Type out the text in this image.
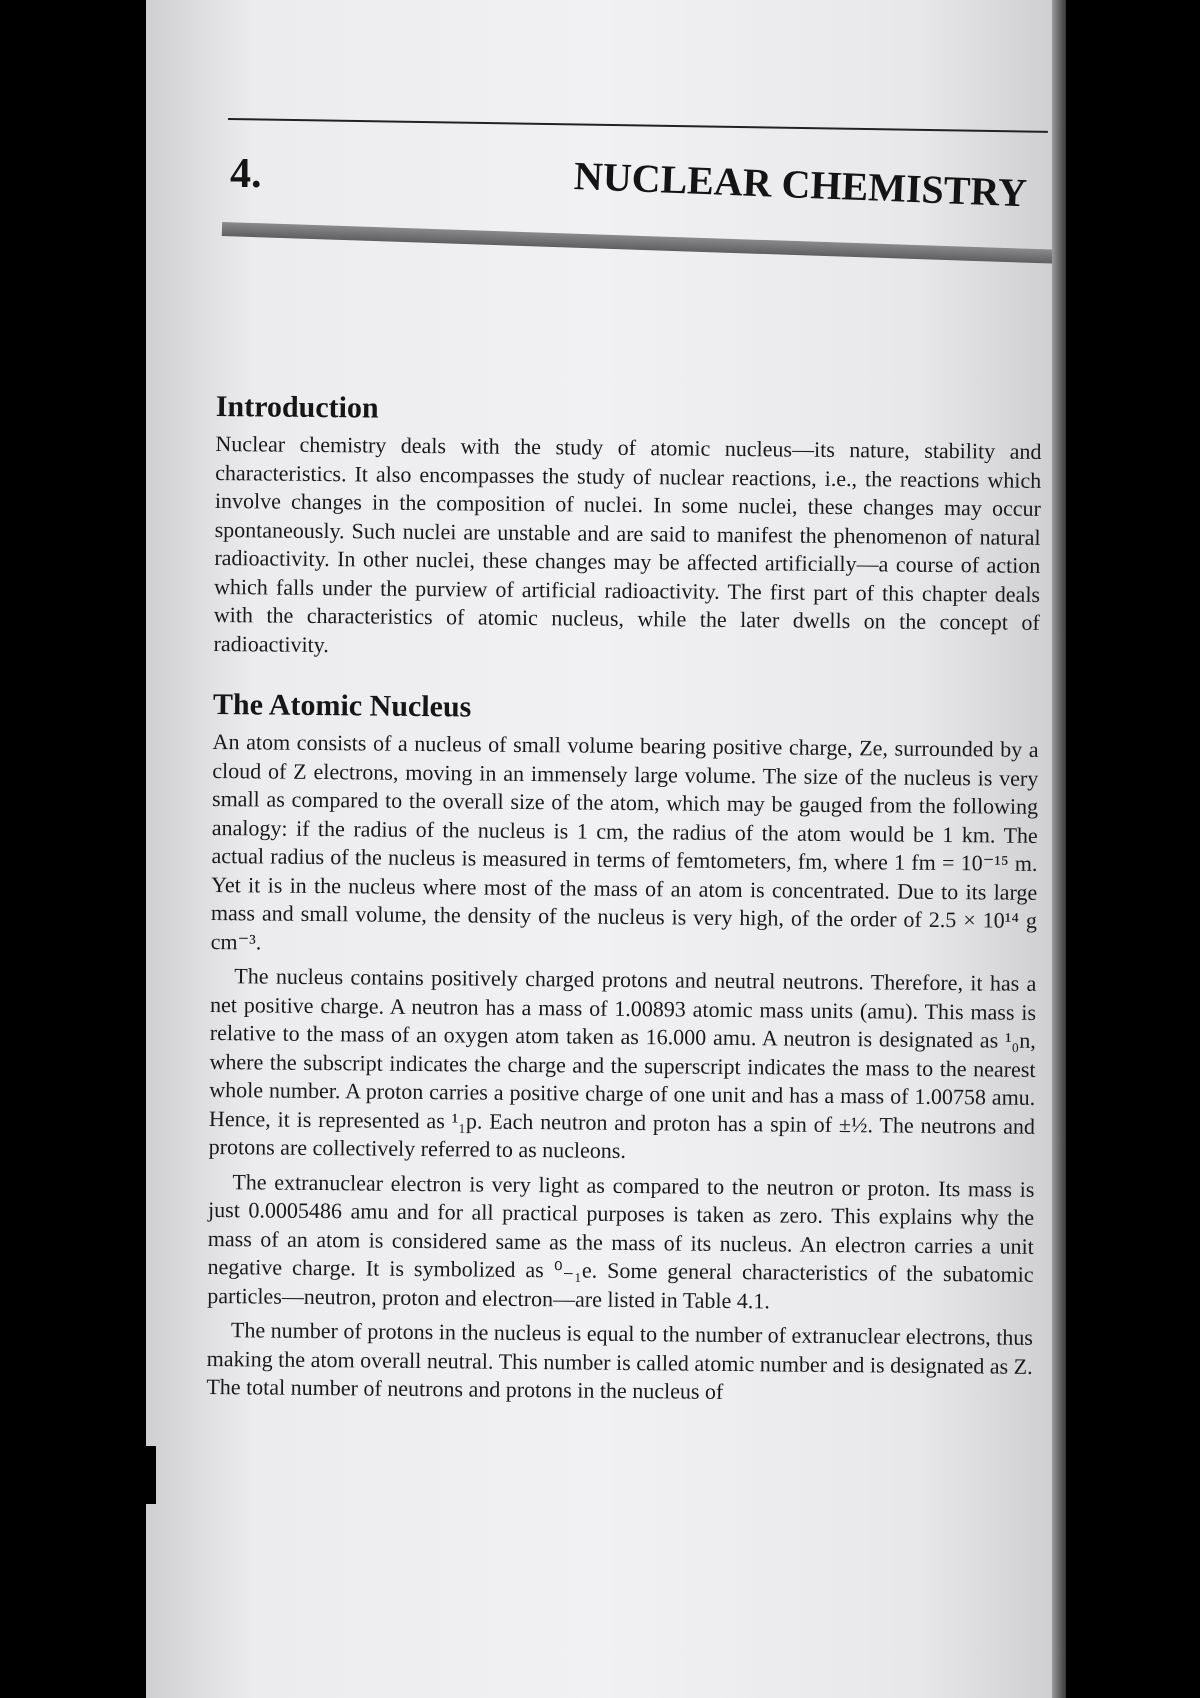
4.	NUCLEAR CHEMISTRY
Introduction

Nuclear chemistry deals with the study of atomic nucleus—its nature, stability and characteristics. It also encompasses the study of nuclear reactions, i.e., the reactions which involve changes in the composition of nuclei. In some nuclei, these changes may occur spontaneously. Such nuclei are unstable and are said to manifest the phenomenon of natural radioactivity. In other nuclei, these changes may be affected artificially—a course of action which falls under the purview of artificial radioactivity. The first part of this chapter deals with the characteristics of atomic nucleus, while the later dwells on the concept of radioactivity.

The Atomic Nucleus

An atom consists of a nucleus of small volume bearing positive charge, Ze, surrounded by a cloud of Z electrons, moving in an immensely large volume. The size of the nucleus is very small as compared to the overall size of the atom, which may be gauged from the following analogy: if the radius of the nucleus is 1 cm, the radius of the atom would be 1 km. The actual radius of the nucleus is measured in terms of femtometers, fm, where 1 fm = 10⁻¹⁵ m. Yet it is in the nucleus where most of the mass of an atom is concentrated. Due to its large mass and small volume, the density of the nucleus is very high, of the order of 2.5 × 10¹⁴ g cm⁻³.

The nucleus contains positively charged protons and neutral neutrons. Therefore, it has a net positive charge. A neutron has a mass of 1.00893 atomic mass units (amu). This mass is relative to the mass of an oxygen atom taken as 16.000 amu. A neutron is designated as ¹₀n, where the subscript indicates the charge and the superscript indicates the mass to the nearest whole number. A proton carries a positive charge of one unit and has a mass of 1.00758 amu. Hence, it is represented as ¹₁p. Each neutron and proton has a spin of ±½. The neutrons and protons are collectively referred to as nucleons.

The extranuclear electron is very light as compared to the neutron or proton. Its mass is just 0.0005486 amu and for all practical purposes is taken as zero. This explains why the mass of an atom is considered same as the mass of its nucleus. An electron carries a unit negative charge. It is symbolized as ⁰₋₁e. Some general characteristics of the subatomic particles—neutron, proton and electron—are listed in Table 4.1.

The number of protons in the nucleus is equal to the number of extranuclear electrons, thus making the atom overall neutral. This number is called atomic number and is designated as Z. The total number of neutrons and protons in the nucleus of
